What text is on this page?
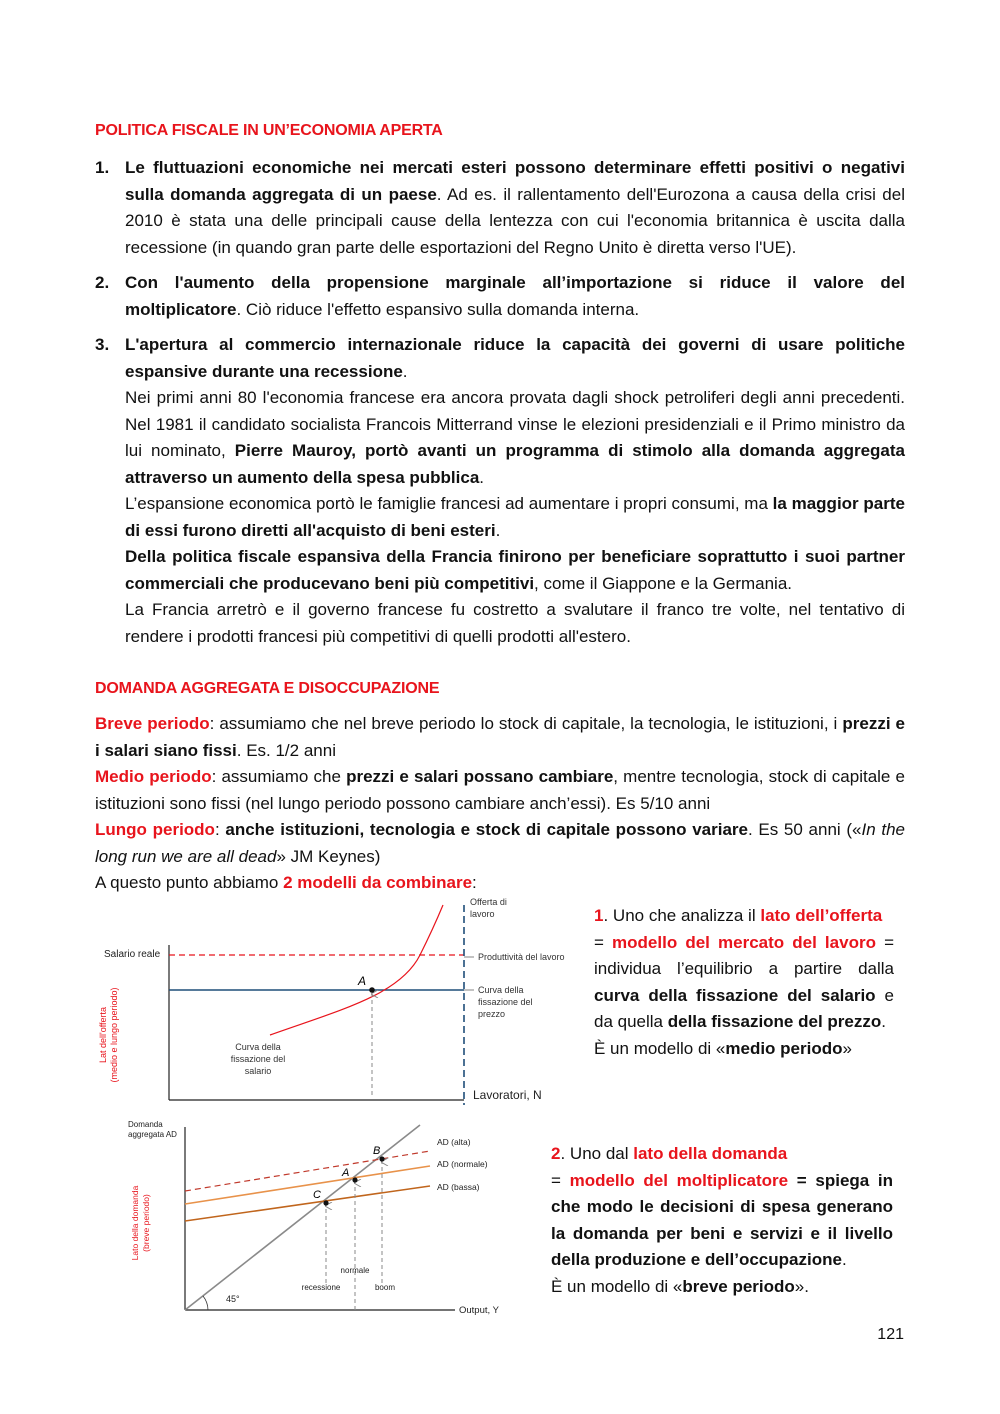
POLITICA FISCALE IN UN’ECONOMIA APERTA
1. Le fluttuazioni economiche nei mercati esteri possono determinare effetti positivi o negativi sulla domanda aggregata di un paese. Ad es. il rallentamento dell'Eurozona a causa della crisi del 2010 è stata una delle principali cause della lentezza con cui l'economia britannica è uscita dalla recessione (in quando gran parte delle esportazioni del Regno Unito è diretta verso l'UE).
2. Con l'aumento della propensione marginale all’importazione si riduce il valore del moltiplicatore. Ciò riduce l'effetto espansivo sulla domanda interna.
3. L'apertura al commercio internazionale riduce la capacità dei governi di usare politiche espansive durante una recessione.
Nei primi anni 80 l'economia francese era ancora provata dagli shock petroliferi degli anni precedenti. Nel 1981 il candidato socialista Francois Mitterrand vinse le elezioni presidenziali e il Primo ministro da lui nominato, Pierre Mauroy, portò avanti un programma di stimolo alla domanda aggregata attraverso un aumento della spesa pubblica.
L’espansione economica portò le famiglie francesi ad aumentare i propri consumi, ma la maggior parte di essi furono diretti all'acquisto di beni esteri.
Della politica fiscale espansiva della Francia finirono per beneficiare soprattutto i suoi partner commerciali che producevano beni più competitivi, come il Giappone e la Germania.
La Francia arretrò e il governo francese fu costretto a svalutare il franco tre volte, nel tentativo di rendere i prodotti francesi più competitivi di quelli prodotti all'estero.
DOMANDA AGGREGATA E DISOCCUPAZIONE

Breve periodo: assumiamo che nel breve periodo lo stock di capitale, la tecnologia, le istituzioni, i prezzi e i salari siano fissi. Es. 1/2 anni

Medio periodo: assumiamo che prezzi e salari possano cambiare, mentre tecnologia, stock di capitale e istituzioni sono fissi (nel lungo periodo possono cambiare anch’essi). Es 5/10 anni

Lungo periodo: anche istituzioni, tecnologia e stock di capitale possono variare. Es 50 anni («In the long run we are all dead» JM Keynes)

A questo punto abbiamo 2 modelli da combinare:

Lat dell'offerta (medio e lungo periodo)
Salario reale
A
Offerta di
lavoro
Produttività del lavoro
Curva della
fissazione del
prezzo
Curva della
fissazione del
salario
Lavoratori, N
1. Uno che analizza il lato dell’offerta
= modello del mercato del lavoro = individua l’equilibrio a partire dalla curva della fissazione del salario e da quella della fissazione del prezzo.
È un modello di «medio periodo»
Lato della domanda (breve periodo)
Domanda
aggregata AD
45°
B
A
C
AD (alta)
AD (normale)
AD (bassa)
recessione
normale
boom
Output, Y
2. Uno dal lato della domanda

= modello del moltiplicatore = spiega in che modo le decisioni di spesa generano la domanda per beni e servizi e il livello della produzione e dell’occupazione.
È un modello di «breve periodo».
121
